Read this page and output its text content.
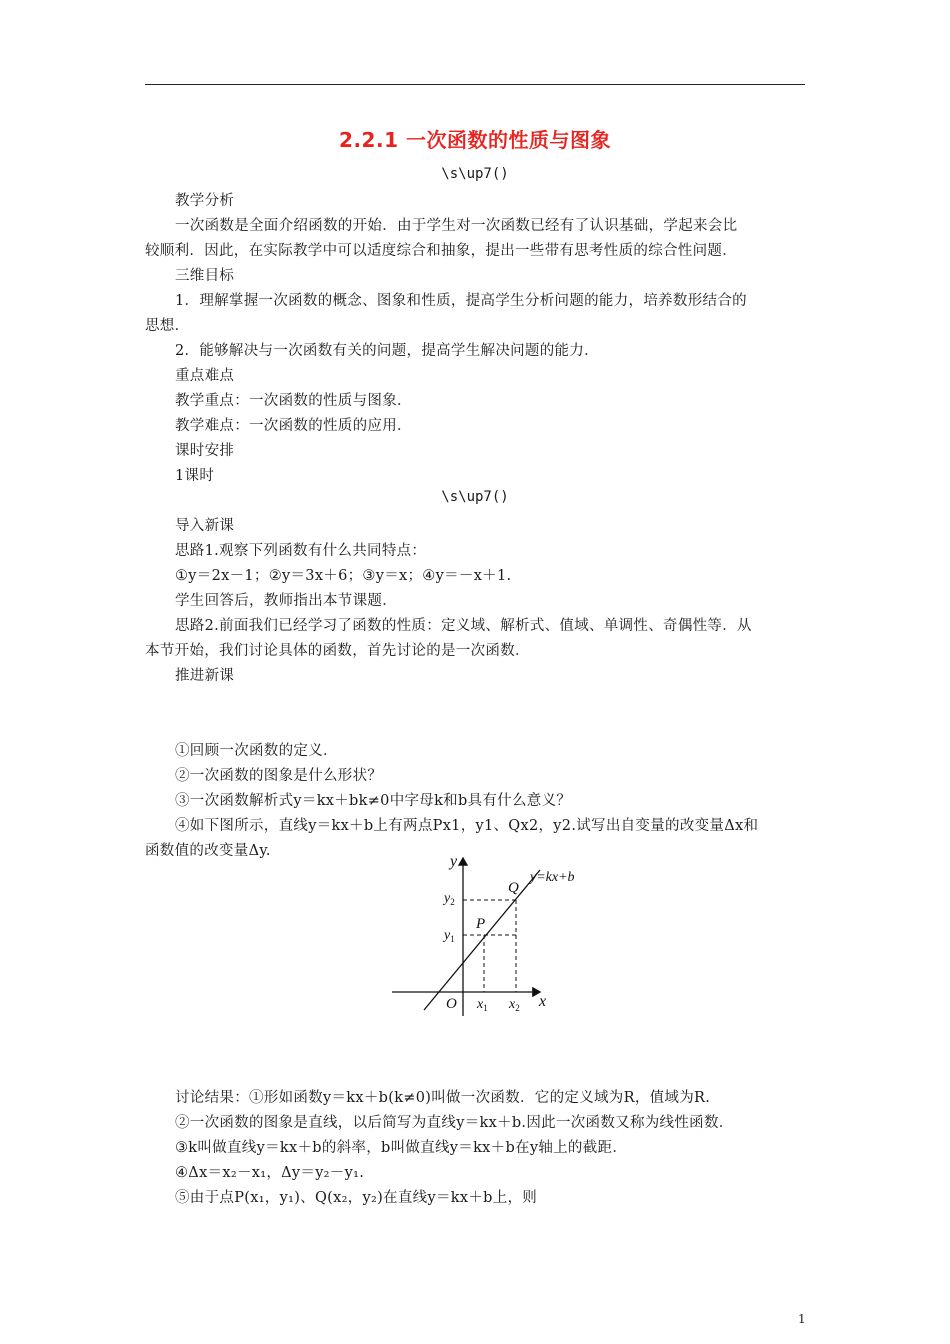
2.2.1 一次函数的性质与图象
\s\up7()
教学分析
一次函数是全面介绍函数的开始．由于学生对一次函数已经有了认识基础，学起来会比
较顺利．因此，在实际教学中可以适度综合和抽象，提出一些带有思考性质的综合性问题．
三维目标
1．理解掌握一次函数的概念、图象和性质，提高学生分析问题的能力，培养数形结合的
思想．
2．能够解决与一次函数有关的问题，提高学生解决问题的能力．
重点难点
教学重点：一次函数的性质与图象．
教学难点：一次函数的性质的应用．
课时安排
1课时
\s\up7()
导入新课
思路1.观察下列函数有什么共同特点：
①y＝2x－1；②y＝3x＋6；③y＝x；④y＝－x＋1.
学生回答后，教师指出本节课题．
思路2.前面我们已经学习了函数的性质：定义域、解析式、值域、单调性、奇偶性等．从
本节开始，我们讨论具体的函数，首先讨论的是一次函数．
推进新课
①回顾一次函数的定义．
②一次函数的图象是什么形状？
③一次函数解析式y＝kx＋bk≠0中字母k和b具有什么意义？
④如下图所示，直线y＝kx＋b上有两点Px1，y1、Qx2，y2.试写出自变量的改变量Δx和
函数值的改变量Δy.
y
x
O
P
Q
y=kx+b
$y_2$
$y_1$
$x_1$ $x_2$
讨论结果：①形如函数y＝kx＋b(k≠0)叫做一次函数．它的定义域为R，值域为R.
②一次函数的图象是直线，以后简写为直线y＝kx＋b.因此一次函数又称为线性函数．
③k叫做直线y＝kx＋b的斜率，b叫做直线y＝kx＋b在y轴上的截距．
④Δx＝x₂－x₁，Δy＝y₂－y₁.
⑤由于点P(x₁，y₁)、Q(x₂，y₂)在直线y＝kx＋b上，则
1
